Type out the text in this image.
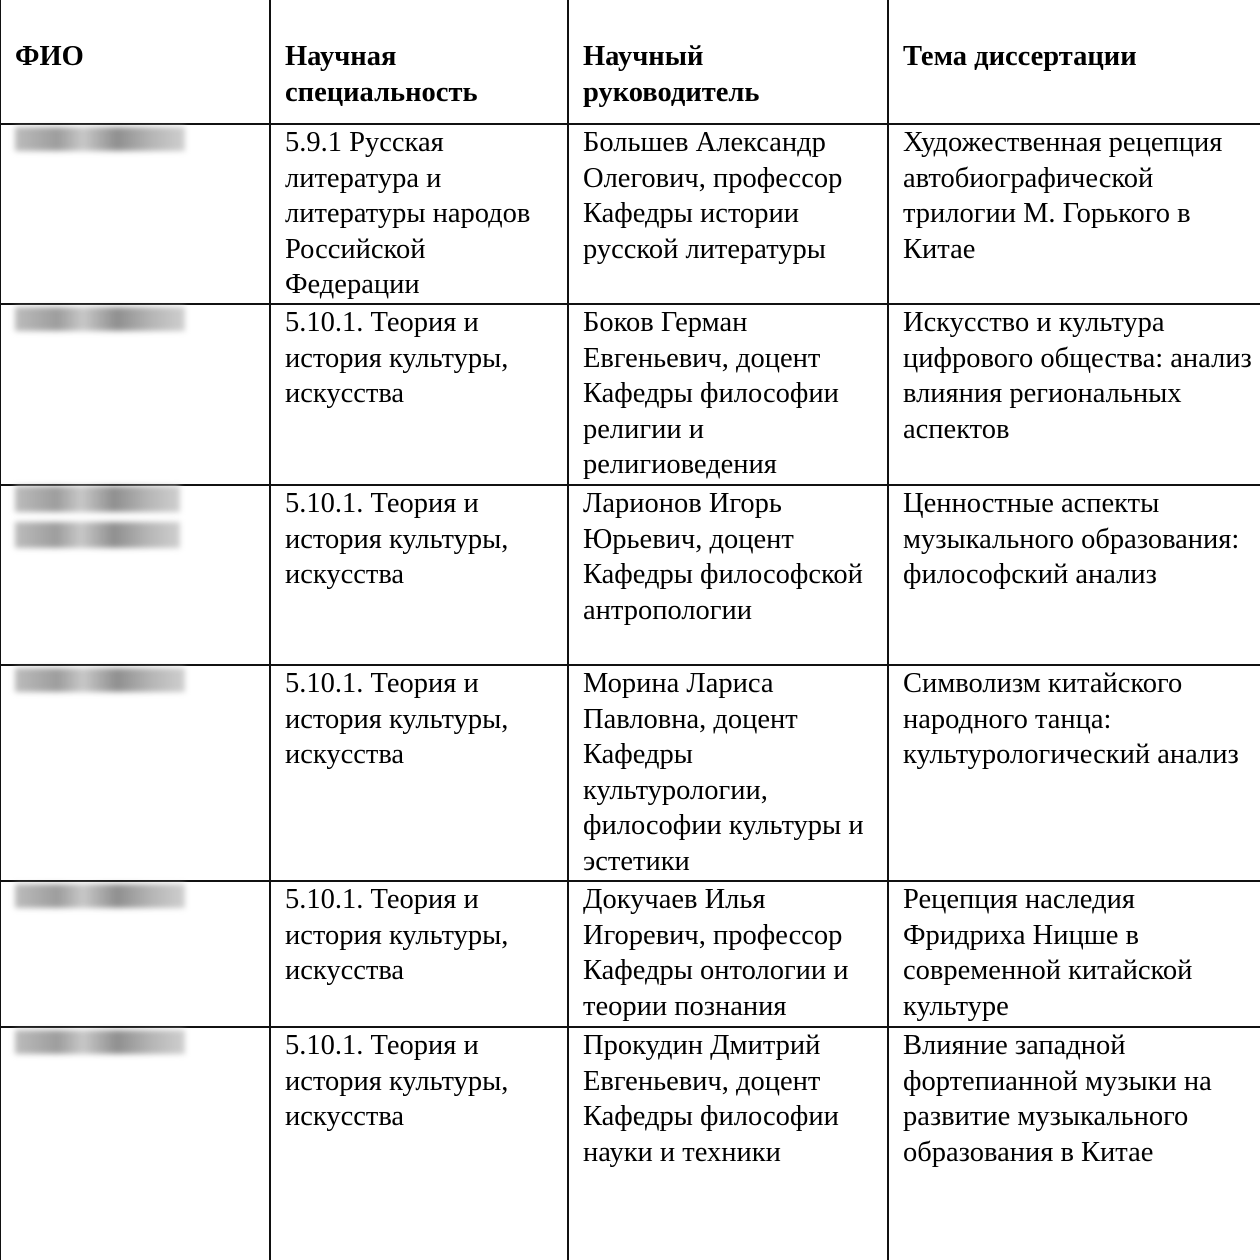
ФИО	Научная специальность	Научный руководитель	Тема диссертации
	5.9.1 Русская литература и литературы народов Российской Федерации	Большев Александр Олегович, профессор Кафедры истории русской литературы	Художественная рецепция автобиографической трилогии М. Горького в Китае
	5.10.1. Теория и история культуры, искусства	Боков Герман Евгеньевич, доцент Кафедры философии религии и религиоведения	Искусство и культура цифрового общества: анализ влияния региональных аспектов

	5.10.1. Теория и история культуры, искусства	Ларионов Игорь Юрьевич, доцент Кафедры философской антропологии	Ценностные аспекты музыкального образования: философский анализ
	5.10.1. Теория и история культуры, искусства	Морина Лариса Павловна, доцент Кафедры культурологии, философии культуры и эстетики	Символизм китайского народного танца: культурологический анализ
	5.10.1. Теория и история культуры, искусства	Докучаев Илья Игоревич, профессор Кафедры онтологии и теории познания	Рецепция наследия Фридриха Ницше в современной китайской культуре
	5.10.1. Теория и история культуры, искусства	Прокудин Дмитрий Евгеньевич, доцент Кафедры философии науки и техники	Влияние западной фортепианной музыки на развитие музыкального образования в Китае
